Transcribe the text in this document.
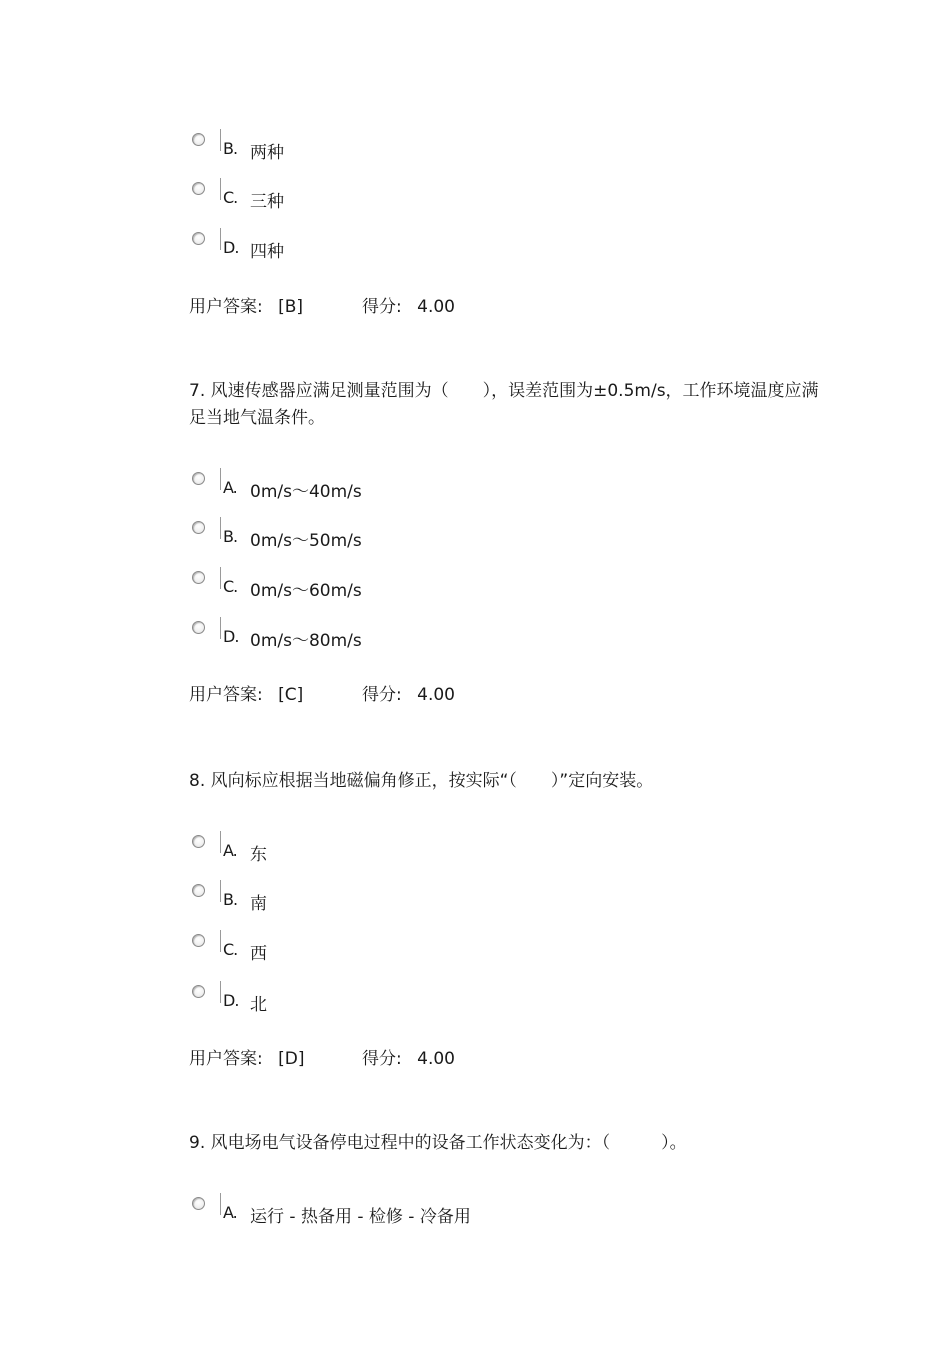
B. 两种
C. 三种
D. 四种
用户答案: [B]	得分: 4.00
7. 风速传感器应满足测量范围为（　　），误差范围为±0.5m/s，工作环境温度应满足当地气温条件。
A. 0m/s～40m/s
B. 0m/s～50m/s
C. 0m/s～60m/s
D. 0m/s～80m/s
用户答案: [C]	得分: 4.00
8. 风向标应根据当地磁偏角修正，按实际“（　　）”定向安装。
A. 东
B. 南
C. 西
D. 北
用户答案: [D]	得分: 4.00
9. 风电场电气设备停电过程中的设备工作状态变化为：（　　　）。
A. 运行 - 热备用 - 检修 - 冷备用
